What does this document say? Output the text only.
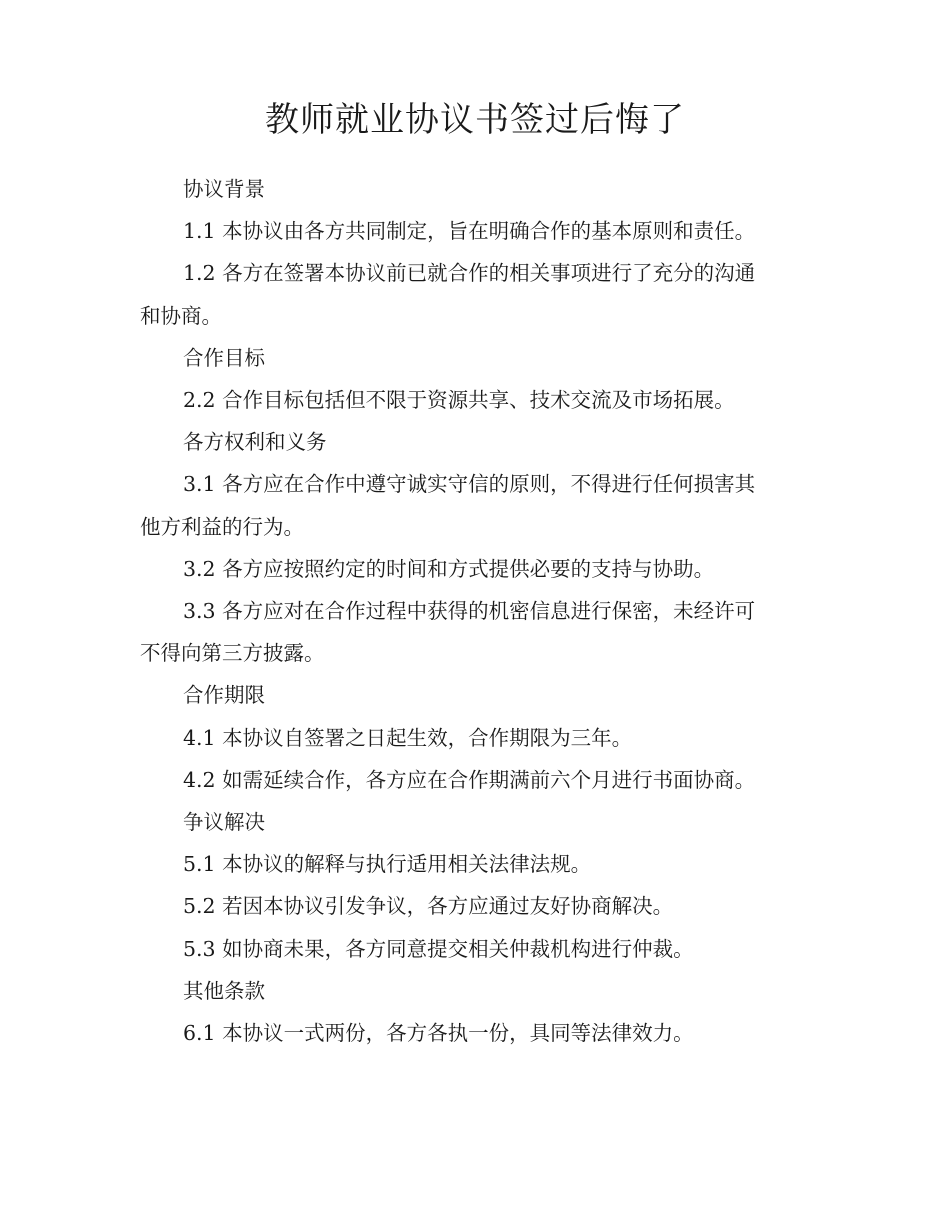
教师就业协议书签过后悔了

协议背景

1.1 本协议由各方共同制定，旨在明确合作的基本原则和责任。

1.2 各方在签署本协议前已就合作的相关事项进行了充分的沟通

和协商。

合作目标

2.2 合作目标包括但不限于资源共享、技术交流及市场拓展。

各方权利和义务

3.1 各方应在合作中遵守诚实守信的原则，不得进行任何损害其

他方利益的行为。

3.2 各方应按照约定的时间和方式提供必要的支持与协助。

3.3 各方应对在合作过程中获得的机密信息进行保密，未经许可

不得向第三方披露。

合作期限

4.1 本协议自签署之日起生效，合作期限为三年。

4.2 如需延续合作，各方应在合作期满前六个月进行书面协商。

争议解决

5.1 本协议的解释与执行适用相关法律法规。

5.2 若因本协议引发争议，各方应通过友好协商解决。

5.3 如协商未果，各方同意提交相关仲裁机构进行仲裁。

其他条款

6.1 本协议一式两份，各方各执一份，具同等法律效力。
